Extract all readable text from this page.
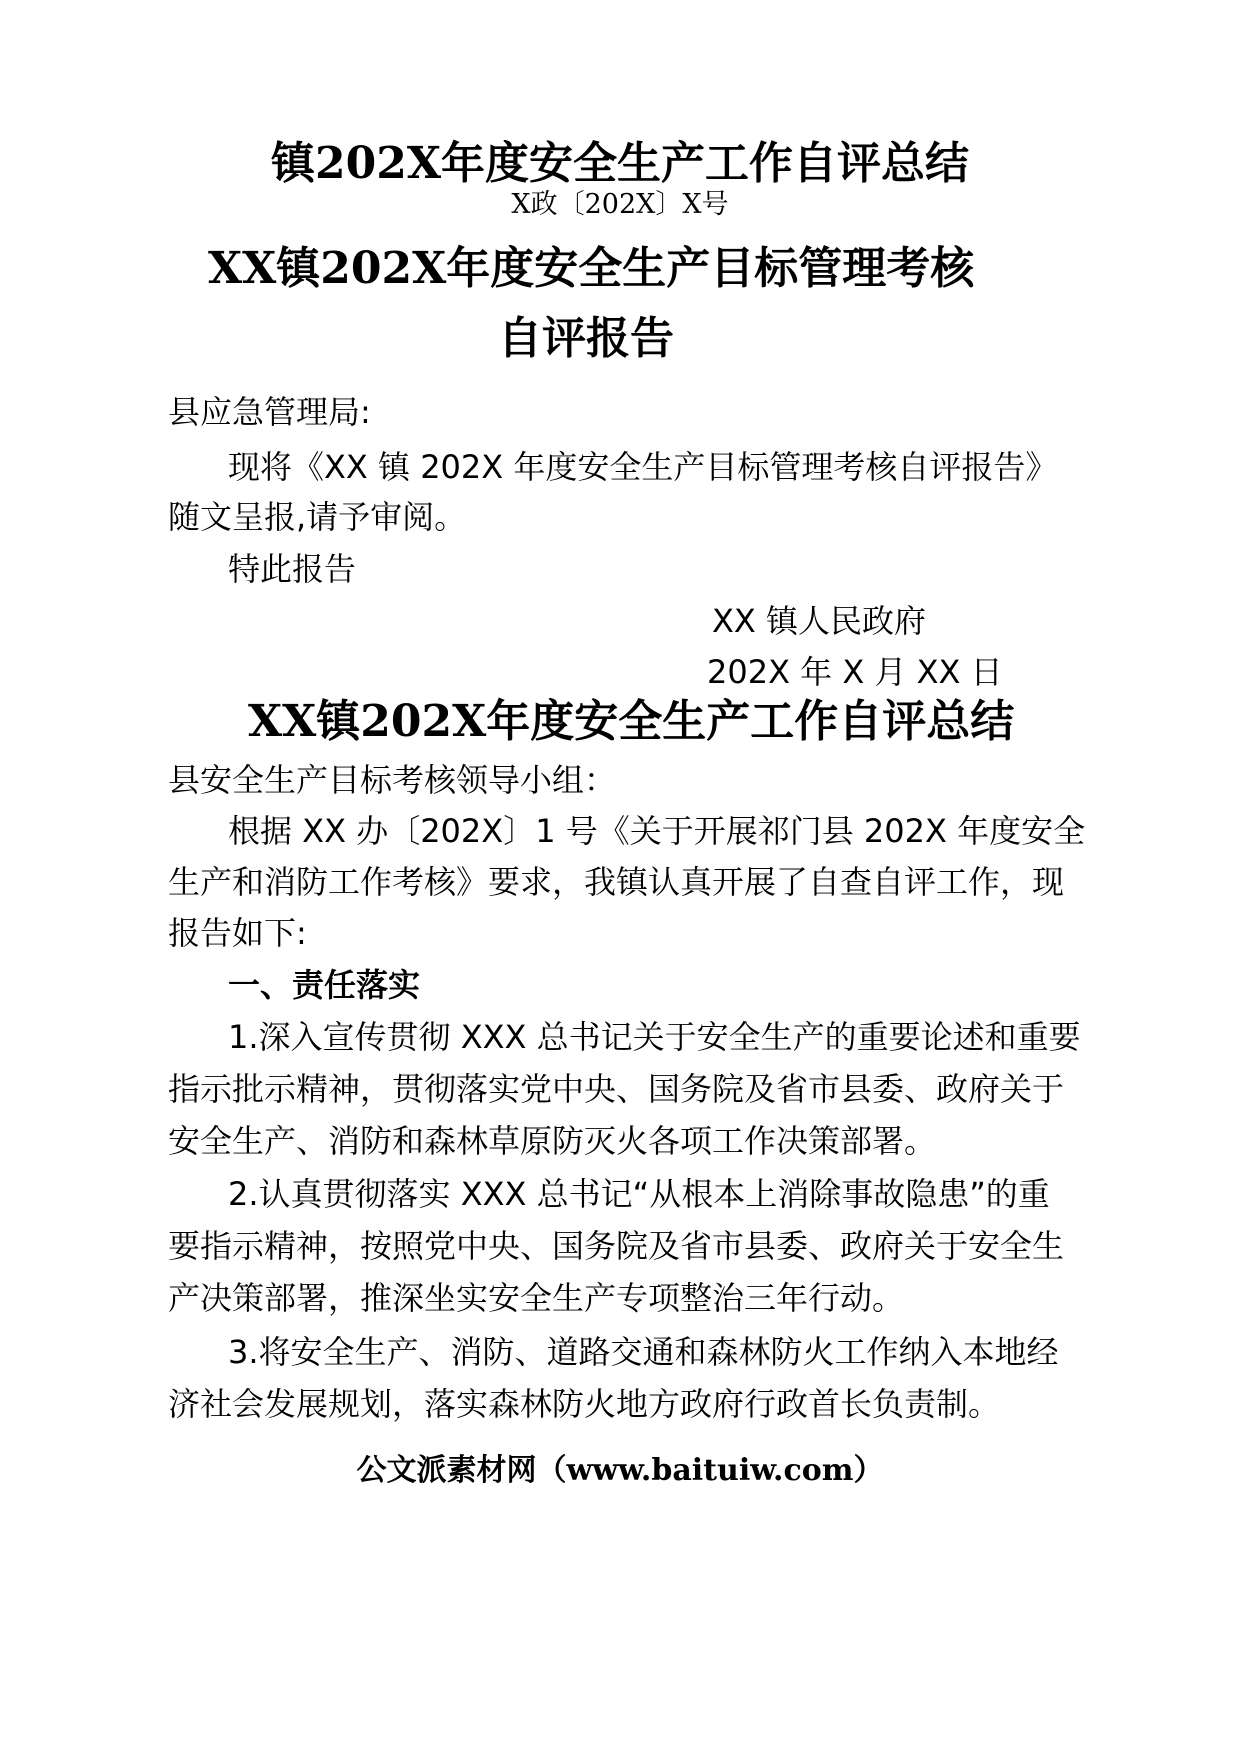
镇202X年度安全生产工作自评总结
X政〔202X〕X号
XX镇202X年度安全生产目标管理考核
自评报告
县应急管理局:
现将《XX 镇 202X 年度安全生产目标管理考核自评报告》
随文呈报,请予审阅。
特此报告
XX 镇人民政府
202X 年 X 月 XX 日
XX镇202X年度安全生产工作自评总结
县安全生产目标考核领导小组：
根据 XX 办〔202X〕1 号《关于开展祁门县 202X 年度安全
生产和消防工作考核》要求，我镇认真开展了自查自评工作，现
报告如下:
一、责任落实
1.深入宣传贯彻 XXX 总书记关于安全生产的重要论述和重要
指示批示精神，贯彻落实党中央、国务院及省市县委、政府关于
安全生产、消防和森林草原防灭火各项工作决策部署。
2.认真贯彻落实 XXX 总书记“从根本上消除事故隐患”的重
要指示精神，按照党中央、国务院及省市县委、政府关于安全生
产决策部署，推深坐实安全生产专项整治三年行动。
3.将安全生产、消防、道路交通和森林防火工作纳入本地经
济社会发展规划，落实森林防火地方政府行政首长负责制。
公文派素材网（www.baituiw.com）
